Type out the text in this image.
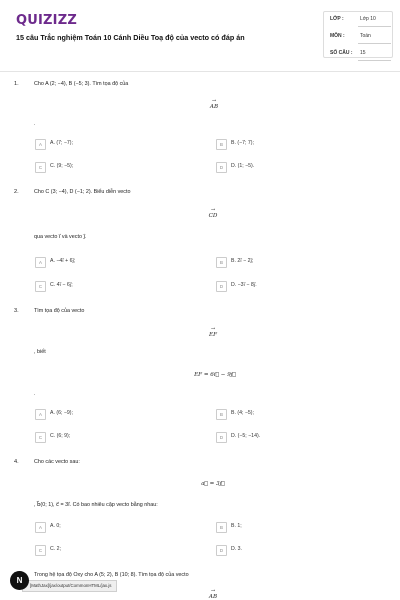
QUIZIZZ
15 câu Trắc nghiệm Toán 10 Cánh Diều Toạ độ của vecto có đáp án
LỚP :	Lớp 10
MÔN :	Toán
SỐ CÂU : 15
1.	Cho A (2; −4), B (−5; 3). Tìm tọa độ của
→ AB
.
A	A. (7; −7);	B	B. (−7; 7);
C	C. (9; −5);	D	D. (1; −5).
2.	Cho C (3; −4), D (−1; 2). Biểu diễn vecto
→ CD
qua vecto i⃗ và vecto j⃗.
A	A. −4i⃗ + 6j⃗;	B	B. 2i⃗ − 2j⃗;
C	C. 4i⃗ − 6j⃗;	D	D. −3i⃗ − 8j⃗.
3.	Tìm tọa độ của vecto
→ EF
, biết
EF = 6i⃗ − 9j⃗
.
A	A. (6; −9);	B	B. (4; −5);
C	C. (6; 9);	D	D. (−5; −14).
4.	Cho các vecto sau:
a⃗ = 3j⃗
, b⃗(0; 1), c⃗ = 3i⃗. Có bao nhiêu cặp vecto bằng nhau:
A	A. 0;	B	B. 1;
C	C. 2;	D	D. 3.
Trong hệ tọa độ Oxy cho A (5; 2), B (10; 8). Tìm tọa độ của vecto
→ AB
[MathJax]/jax/output/CommonHTML/jax.js
N
